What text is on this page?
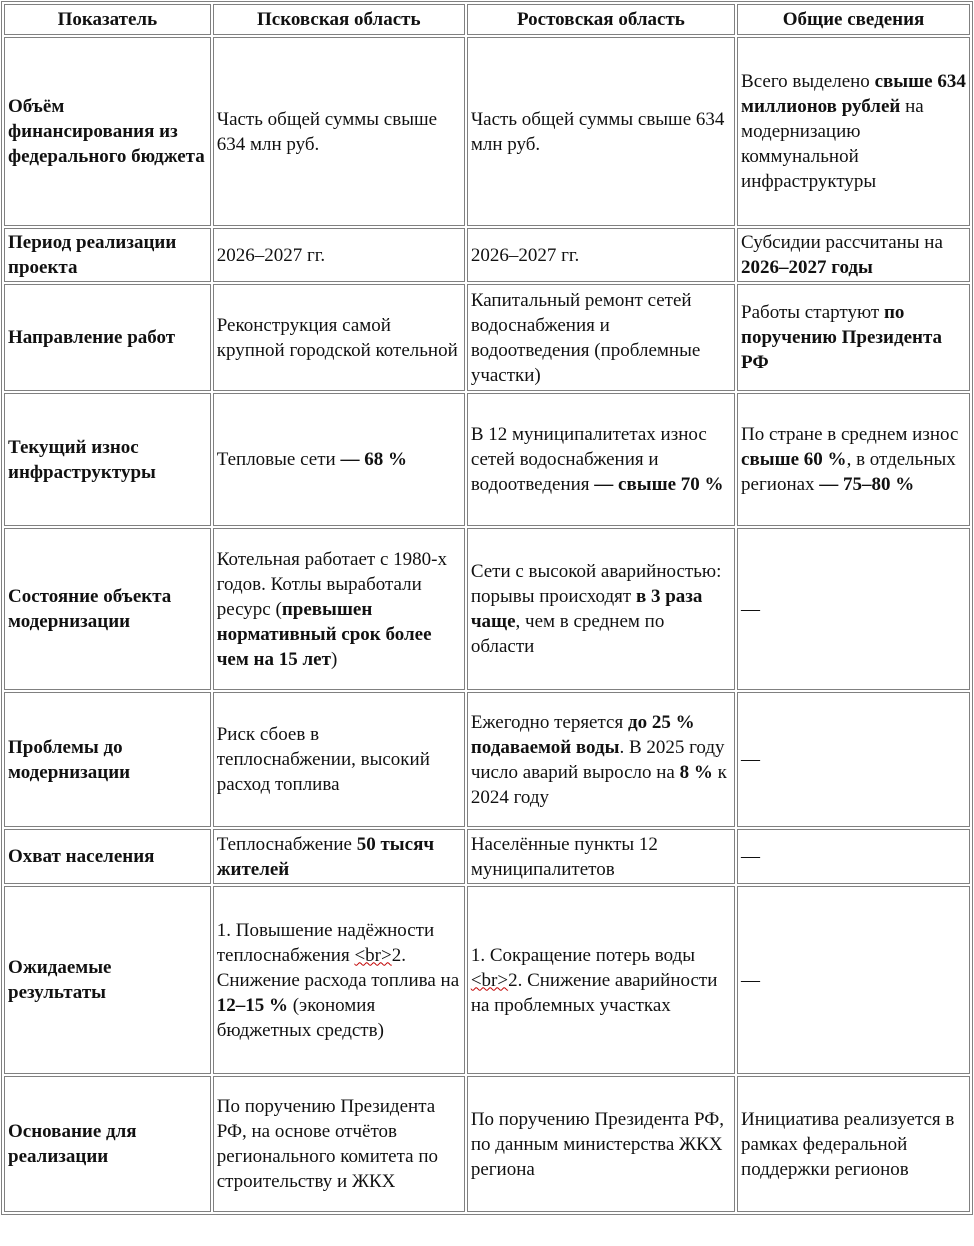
Показатель	Псковская область	Ростовская область	Общие сведения
Объём финансирования из федерального бюджета	Часть общей суммы свыше 634 млн руб.	Часть общей суммы свыше 634 млн руб.	Всего выделено свыше 634 миллионов рублей на модернизацию коммунальной инфраструктуры
Период реализации проекта	2026–2027 гг.	2026–2027 гг.	Субсидии рассчитаны на 2026–2027 годы
Направление работ	Реконструкция самой крупной городской котельной	Капитальный ремонт сетей водоснабжения и водоотведения (проблемные участки)	Работы стартуют по поручению Президента РФ
Текущий износ инфраструктуры	Тепловые сети — 68 %	В 12 муниципалитетах износ сетей водоснабжения и водоотведения — свыше 70 %	По стране в среднем износ свыше 60 %, в отдельных регионах — 75–80 %
Состояние объекта модернизации	Котельная работает с 1980-х годов. Котлы выработали ресурс (превышен нормативный срок более чем на 15 лет)	Сети с высокой аварийностью: порывы происходят в 3 раза чаще, чем в среднем по области	—
Проблемы до модернизации	Риск сбоев в теплоснабжении, высокий расход топлива	Ежегодно теряется до 25 % подаваемой воды. В 2025 году число аварий выросло на 8 % к 2024 году	—
Охват населения	Теплоснабжение 50 тысяч жителей	Населённые пункты 12 муниципалитетов	—
Ожидаемые результаты	1. Повышение надёжности теплоснабжения <br>2. Снижение расхода топлива на 12–15 % (экономия бюджетных средств)	1. Сокращение потерь воды <br>2. Снижение аварийности на проблемных участках	—
Основание для реализации	По поручению Президента РФ, на основе отчётов регионального комитета по строительству и ЖКХ	По поручению Президента РФ, по данным министерства ЖКХ региона	Инициатива реализуется в рамках федеральной поддержки регионов
